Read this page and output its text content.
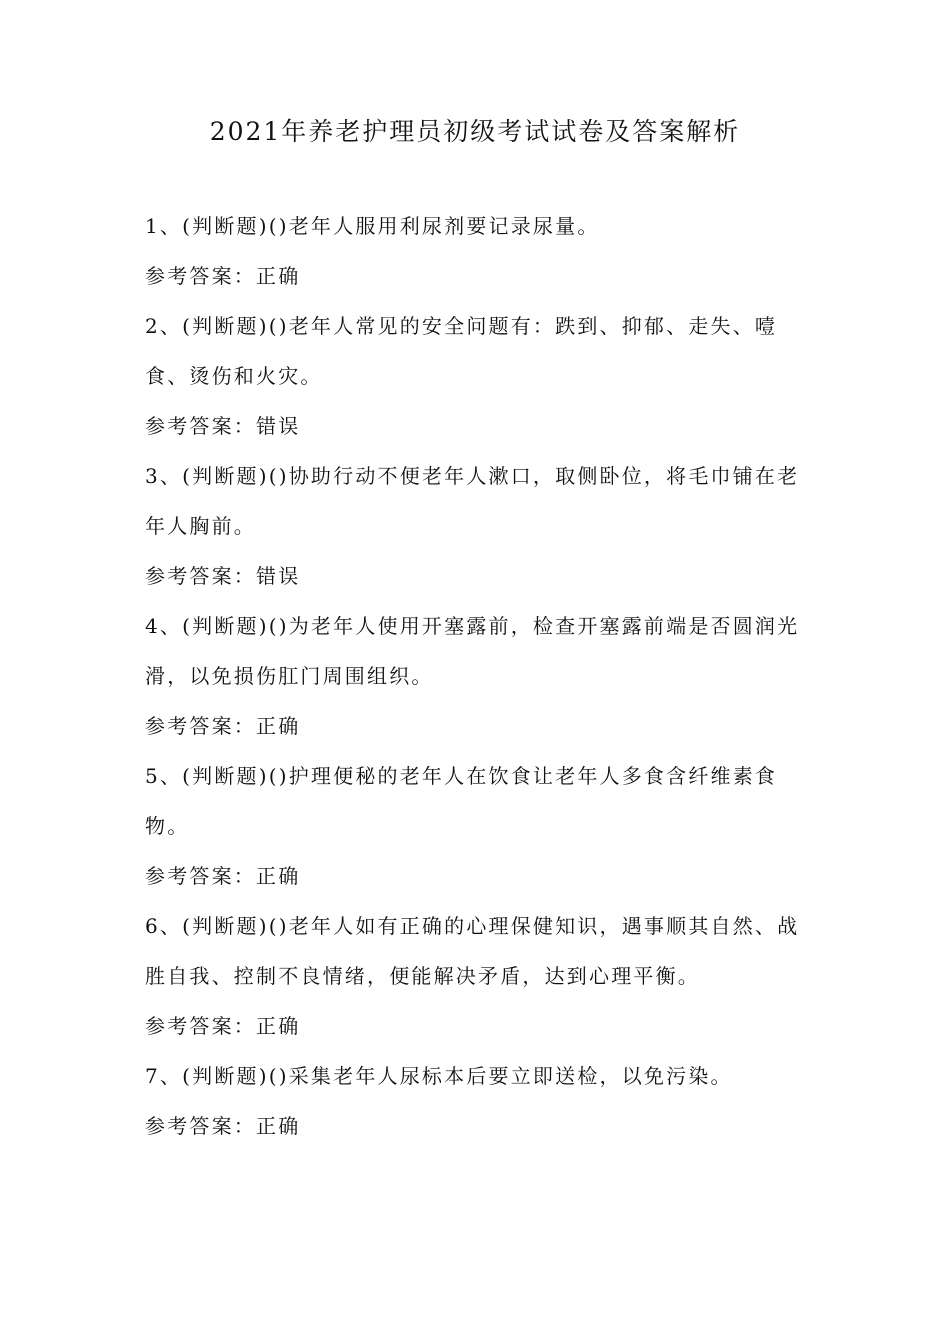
2021年养老护理员初级考试试卷及答案解析

1、(判断题)()老年人服用利尿剂要记录尿量。

参考答案：正确

2、(判断题)()老年人常见的安全问题有：跌到、抑郁、走失、噎食、烫伤和火灾。

参考答案：错误

3、(判断题)()协助行动不便老年人漱口，取侧卧位，将毛巾铺在老年人胸前。

参考答案：错误

4、(判断题)()为老年人使用开塞露前，检查开塞露前端是否圆润光滑，以免损伤肛门周围组织。

参考答案：正确

5、(判断题)()护理便秘的老年人在饮食让老年人多食含纤维素食物。

参考答案：正确

6、(判断题)()老年人如有正确的心理保健知识，遇事顺其自然、战胜自我、控制不良情绪，便能解决矛盾，达到心理平衡。

参考答案：正确

7、(判断题)()采集老年人尿标本后要立即送检，以免污染。

参考答案：正确
